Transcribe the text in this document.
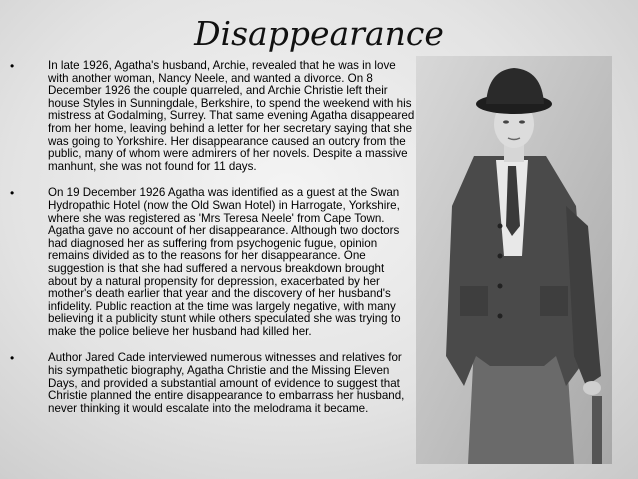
Disappearance
•	In late 1926, Agatha's husband, Archie, revealed that he was in love with another woman, Nancy Neele, and wanted a divorce. On 8 December 1926 the couple quarreled, and Archie Christie left their house Styles in Sunningdale, Berkshire, to spend the weekend with his mistress at Godalming, Surrey. That same evening Agatha disappeared from her home, leaving behind a letter for her secretary saying that she was going to Yorkshire. Her disappearance caused an outcry from the public, many of whom were admirers of her novels. Despite a massive manhunt, she was not found for 11 days.
•	On 19 December 1926 Agatha was identified as a guest at the Swan Hydropathic Hotel (now the Old Swan Hotel) in Harrogate, Yorkshire, where she was registered as 'Mrs Teresa Neele' from Cape Town. Agatha gave no account of her disappearance. Although two doctors had diagnosed her as suffering from psychogenic fugue, opinion remains divided as to the reasons for her disappearance. One suggestion is that she had suffered a nervous breakdown brought about by a natural propensity for depression, exacerbated by her mother's death earlier that year and the discovery of her husband's infidelity. Public reaction at the time was largely negative, with many believing it a publicity stunt while others speculated she was trying to make the police believe her husband had killed her.
•	Author Jared Cade interviewed numerous witnesses and relatives for his sympathetic biography, Agatha Christie and the Missing Eleven Days, and provided a substantial amount of evidence to suggest that Christie planned the entire disappearance to embarrass her husband, never thinking it would escalate into the melodrama it became.
